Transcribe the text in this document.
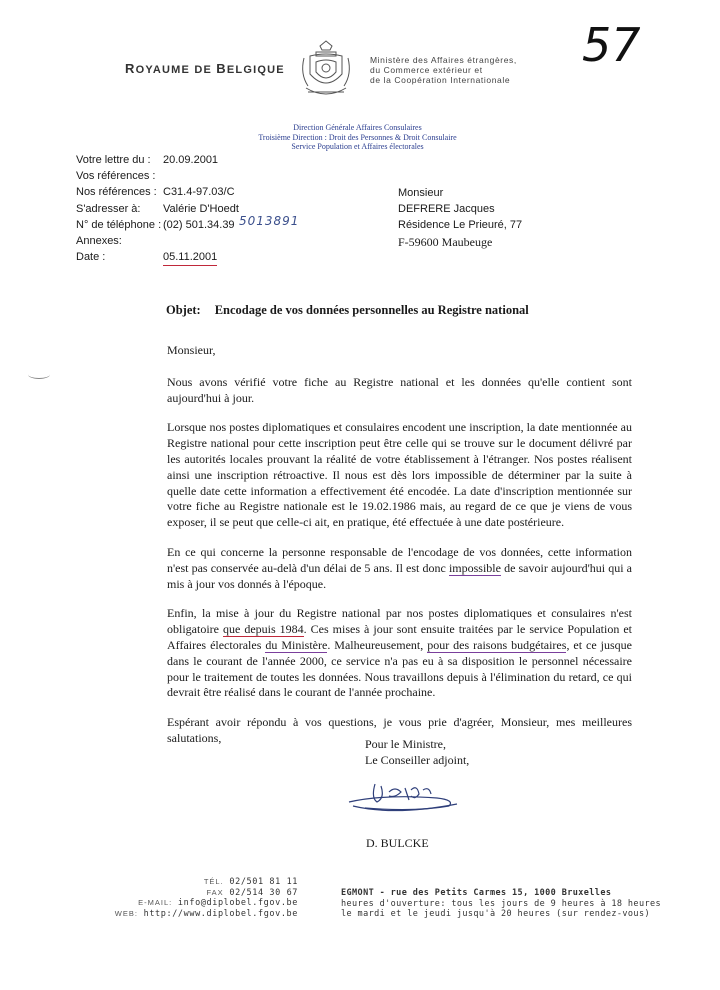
57
ROYAUME DE BELGIQUE
Ministère des Affaires étrangères,
du Commerce extérieur et
de la Coopération Internationale
Direction Générale Affaires Consulaires
Troisième Direction : Droit des Personnes & Droit Consulaire
Service Population et Affaires électorales
Votre lettre du :	20.09.2001
Vos références :
Nos références : C31.4-97.03/C
S'adresser à:	Valérie D'Hoedt
N° de téléphone : (02) 501.34.39
Annexes:
Date :	05.11.2001
5013891
Monsieur
DEFRERE Jacques
Résidence Le Prieuré, 77
F-59600 Maubeuge
Objet: Encodage de vos données personnelles au Registre national

Monsieur,

Nous avons vérifié votre fiche au Registre national et les données qu'elle contient sont aujourd'hui à jour.

Lorsque nos postes diplomatiques et consulaires encodent une inscription, la date mentionnée au Registre national pour cette inscription peut être celle qui se trouve sur le document délivré par les autorités locales prouvant la réalité de votre établissement à l'étranger. Nos postes réalisent ainsi une inscription rétroactive. Il nous est dès lors impossible de déterminer par la suite à quelle date cette information a effectivement été encodée. La date d'inscription mentionnée sur votre fiche au Registre nationale est le 19.02.1986 mais, au regard de ce que je viens de vous exposer, il se peut que celle-ci ait, en pratique, été effectuée à une date postérieure.

En ce qui concerne la personne responsable de l'encodage de vos données, cette information n'est pas conservée au-delà d'un délai de 5 ans. Il est donc impossible de savoir aujourd'hui qui a mis à jour vos donnés à l'époque.

Enfin, la mise à jour du Registre national par nos postes diplomatiques et consulaires n'est obligatoire que depuis 1984. Ces mises à jour sont ensuite traitées par le service Population et Affaires électorales du Ministère. Malheureusement, pour des raisons budgétaires, et ce jusque dans le courant de l'année 2000, ce service n'a pas eu à sa disposition le personnel nécessaire pour le traitement de toutes les données. Nous travaillons depuis à l'élimination du retard, ce qui devrait être réalisé dans le courant de l'année prochaine.

Espérant avoir répondu à vos questions, je vous prie d'agréer, Monsieur, mes meilleures salutations,	Pour le Ministre,
Le Conseiller adjoint,
D. BULCKE
TÉL. 02/501 81 11
FAX 02/514 30 67
E-MAIL: info@diplobel.fgov.be
WEB: http://www.diplobel.fgov.be
EGMONT - rue des Petits Carmes 15, 1000 Bruxelles
heures d'ouverture: tous les jours de 9 heures à 18 heures
le mardi et le jeudi jusqu'à 20 heures (sur rendez-vous)
